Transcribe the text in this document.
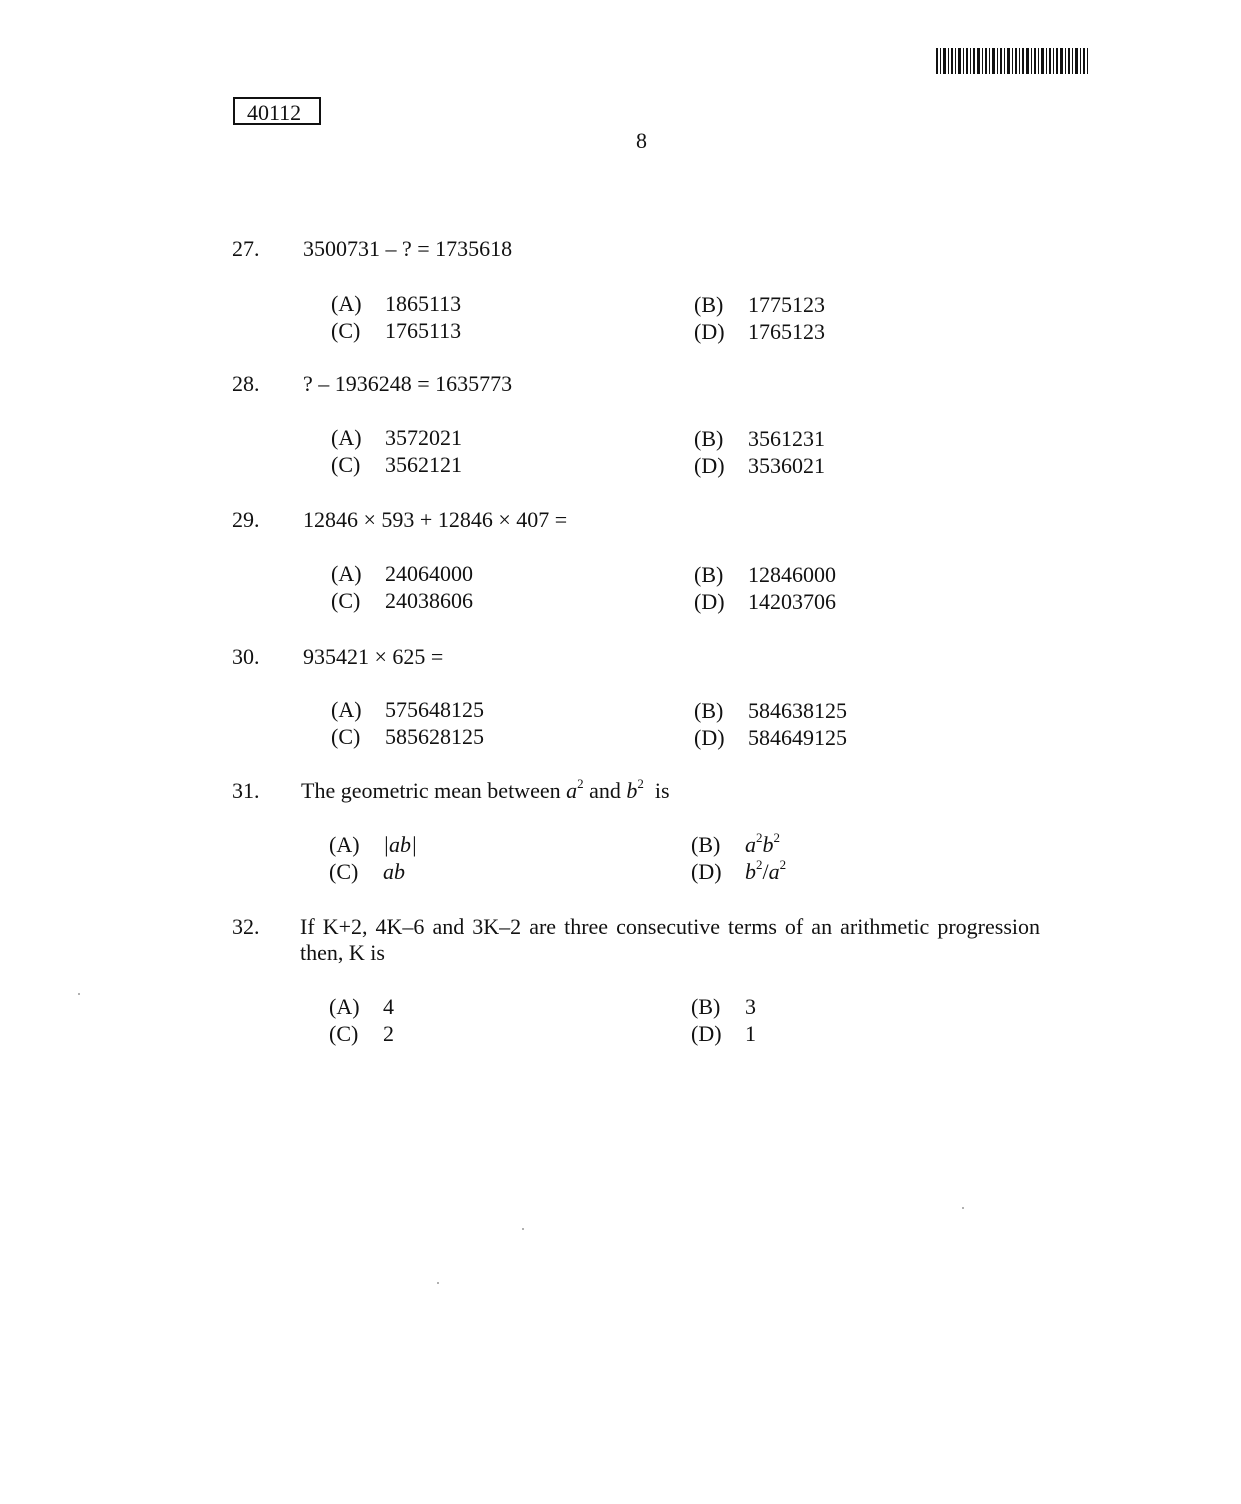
40112
8
27. 3500731 – ? = 1735618
(A) 1865113	(B) 1775123
(C) 1765113	(D) 1765123
28. ? – 1936248 = 1635773
(A) 3572021	(B) 3561231
(C) 3562121	(D) 3536021
29. 12846 × 593 + 12846 × 407 =
(A) 24064000	(B) 12846000
(C) 24038606	(D) 14203706
30. 935421 × 625 =
(A) 575648125	(B) 584638125
(C) 585628125	(D) 584649125
31. The geometric mean between $a^2$ and $b^2$  is
(A) |ab|	(B) $a^2b^2$
(C) ab	(D) $b^2/a^2$
32. If K+2, 4K–6 and 3K–2 are three consecutive terms of an arithmetic progression then, K is
(A) 4	(B) 3
(C) 2	(D) 1
